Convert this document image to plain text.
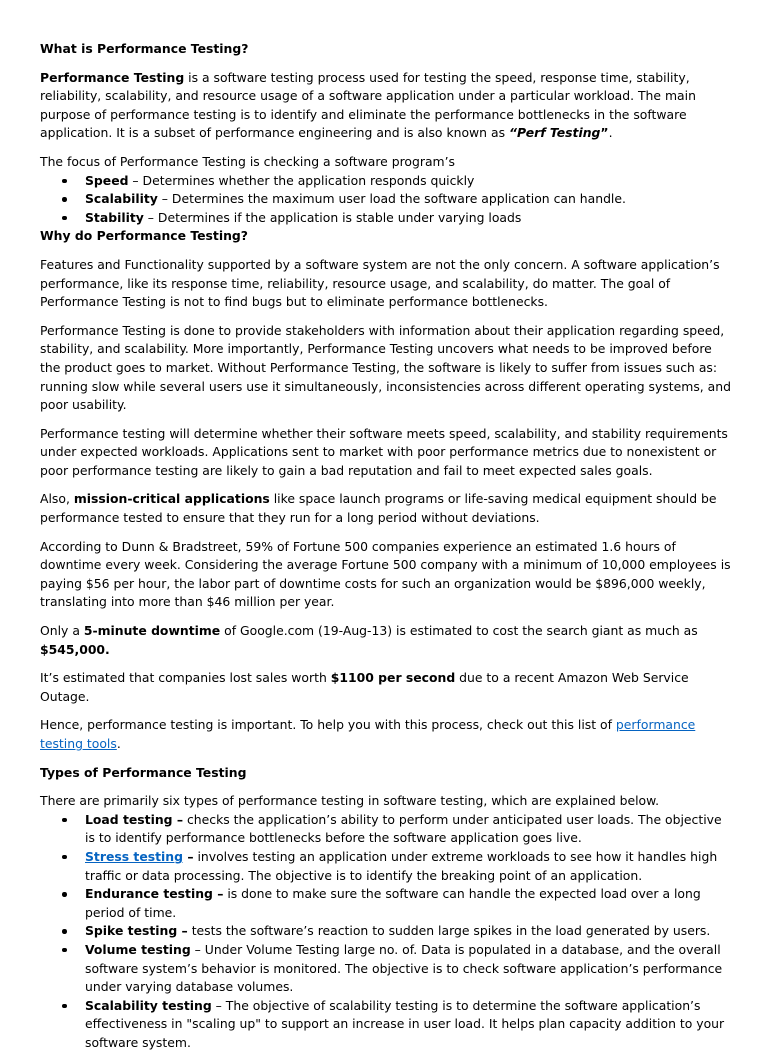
What is Performance Testing?

Performance Testing is a software testing process used for testing the speed, response time, stability, reliability, scalability, and resource usage of a software application under a particular workload. The main purpose of performance testing is to identify and eliminate the performance bottlenecks in the software application. It is a subset of performance engineering and is also known as “Perf Testing”.

The focus of Performance Testing is checking a software program’s

Speed – Determines whether the application responds quickly
Scalability – Determines the maximum user load the software application can handle.
Stability – Determines if the application is stable under varying loads

Why do Performance Testing?

Features and Functionality supported by a software system are not the only concern. A software application’s performance, like its response time, reliability, resource usage, and scalability, do matter. The goal of Performance Testing is not to find bugs but to eliminate performance bottlenecks.

Performance Testing is done to provide stakeholders with information about their application regarding speed, stability, and scalability. More importantly, Performance Testing uncovers what needs to be improved before the product goes to market. Without Performance Testing, the software is likely to suffer from issues such as: running slow while several users use it simultaneously, inconsistencies across different operating systems, and poor usability.

Performance testing will determine whether their software meets speed, scalability, and stability requirements under expected workloads. Applications sent to market with poor performance metrics due to nonexistent or poor performance testing are likely to gain a bad reputation and fail to meet expected sales goals.

Also, mission-critical applications like space launch programs or life-saving medical equipment should be performance tested to ensure that they run for a long period without deviations.

According to Dunn & Bradstreet, 59% of Fortune 500 companies experience an estimated 1.6 hours of downtime every week. Considering the average Fortune 500 company with a minimum of 10,000 employees is paying $56 per hour, the labor part of downtime costs for such an organization would be $896,000 weekly, translating into more than $46 million per year.

Only a 5-minute downtime of Google.com (19-Aug-13) is estimated to cost the search giant as much as $545,000.

It’s estimated that companies lost sales worth $1100 per second due to a recent Amazon Web Service Outage.

Hence, performance testing is important. To help you with this process, check out this list of performance testing tools.

Types of Performance Testing

There are primarily six types of performance testing in software testing, which are explained below.

Load testing – checks the application’s ability to perform under anticipated user loads. The objective is to identify performance bottlenecks before the software application goes live.
Stress testing – involves testing an application under extreme workloads to see how it handles high traffic or data processing. The objective is to identify the breaking point of an application.
Endurance testing – is done to make sure the software can handle the expected load over a long period of time.
Spike testing – tests the software’s reaction to sudden large spikes in the load generated by users.
Volume testing – Under Volume Testing large no. of. Data is populated in a database, and the overall software system’s behavior is monitored. The objective is to check software application’s performance under varying database volumes.
Scalability testing – The objective of scalability testing is to determine the software application’s effectiveness in "scaling up" to support an increase in user load. It helps plan capacity addition to your software system.
